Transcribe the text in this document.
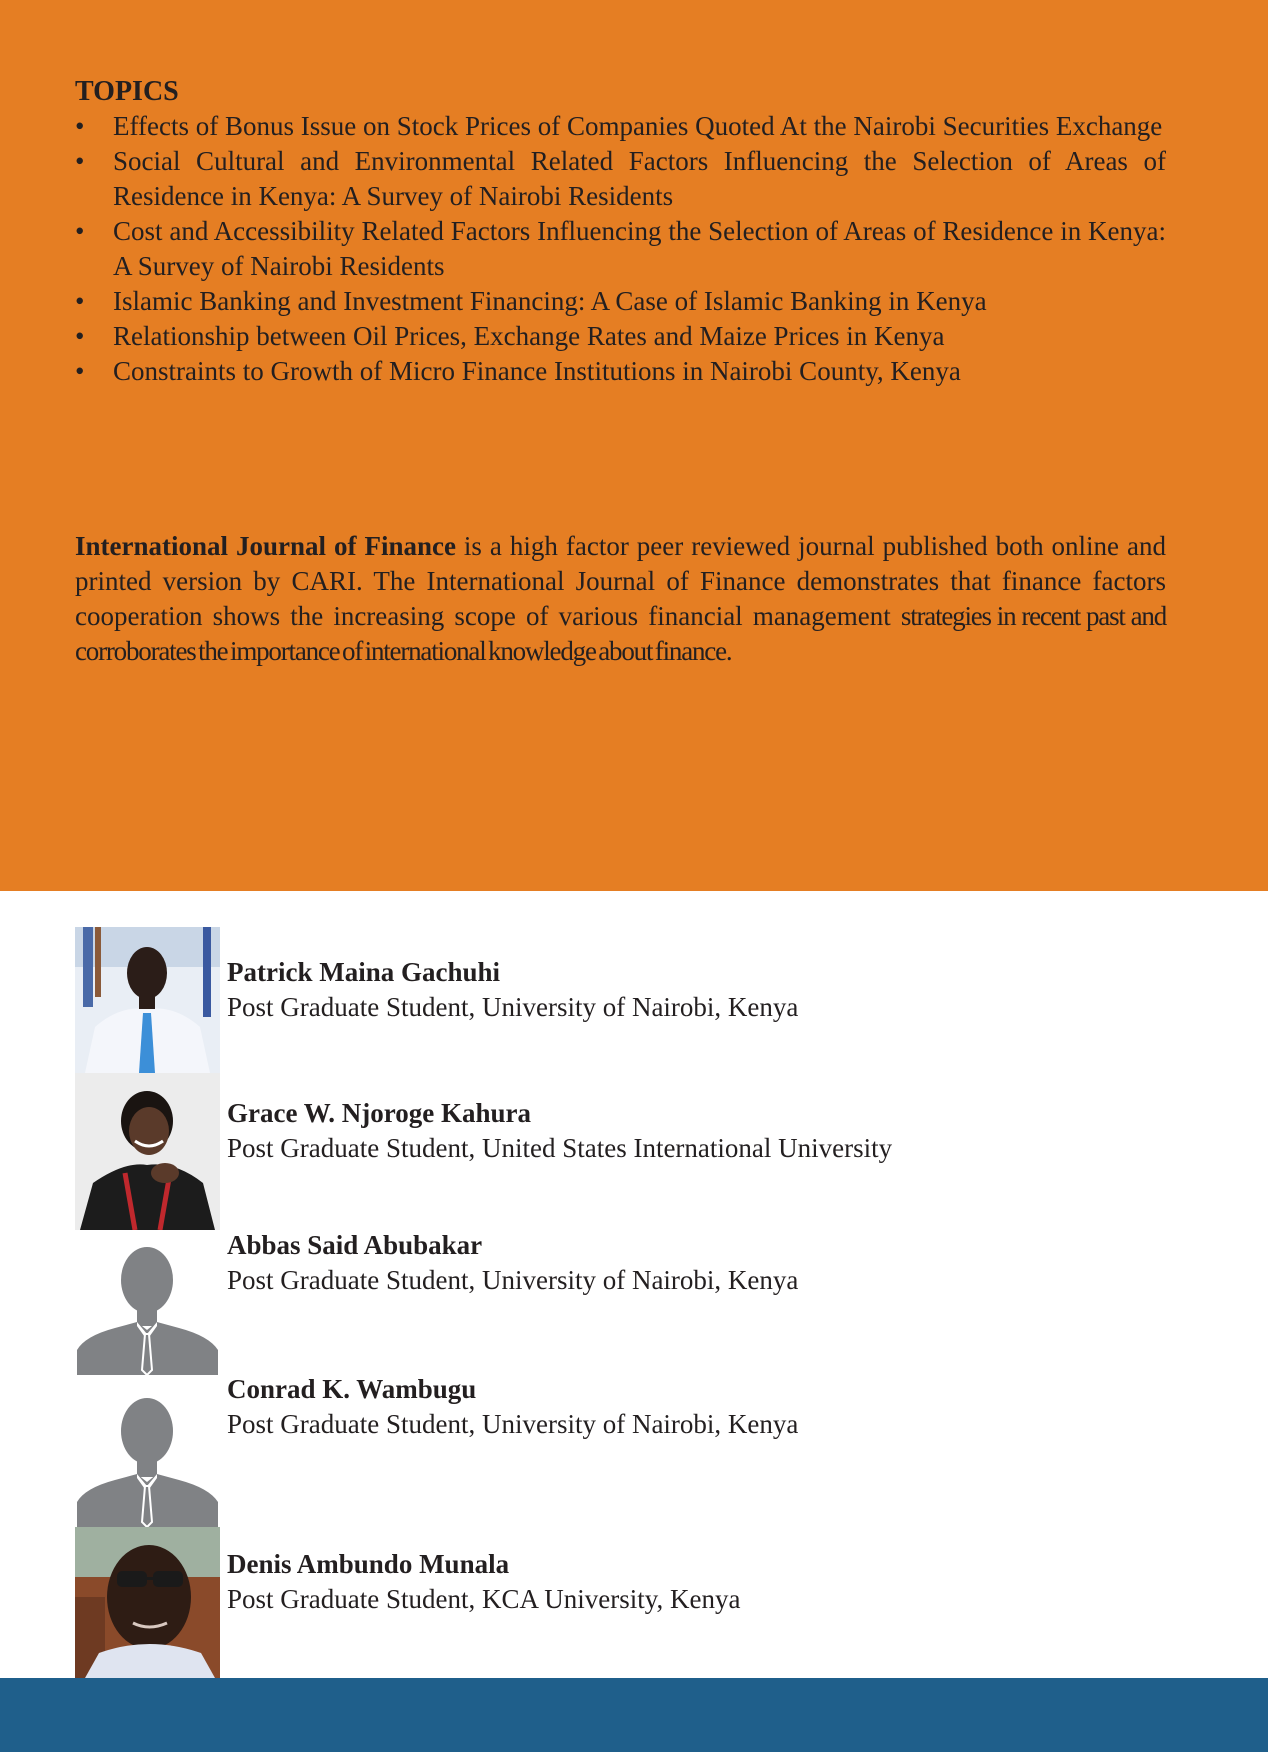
TOPICS
• Effects of Bonus Issue on Stock Prices of Companies Quoted At the Nairobi Securities Exchange
• Social Cultural and Environmental Related Factors Influencing the Selection of Areas of Residence in Kenya: A Survey of Nairobi Residents
• Cost and Accessibility Related Factors Influencing the Selection of Areas of Residence in Kenya: A Survey of Nairobi Residents
• Islamic Banking and Investment Financing: A Case of Islamic Banking in Kenya
• Relationship between Oil Prices, Exchange Rates and Maize Prices in Kenya
• Constraints to Growth of Micro Finance Institutions in Nairobi County, Kenya

International Journal of Finance is a high factor peer reviewed journal published both online and printed version by CARI. The International Journal of Finance demonstrates that finance factors cooperation shows the increasing scope of various financial management strategies in recent past and corroborates the importance of international knowledge about finance.

Patrick Maina Gachuhi
Post Graduate Student, University of Nairobi, Kenya
Grace W. Njoroge Kahura
Post Graduate Student, United States International University
Abbas Said Abubakar
Post Graduate Student, University of Nairobi, Kenya
Conrad K. Wambugu
Post Graduate Student, University of Nairobi, Kenya
Denis Ambundo Munala
Post Graduate Student, KCA University, Kenya
